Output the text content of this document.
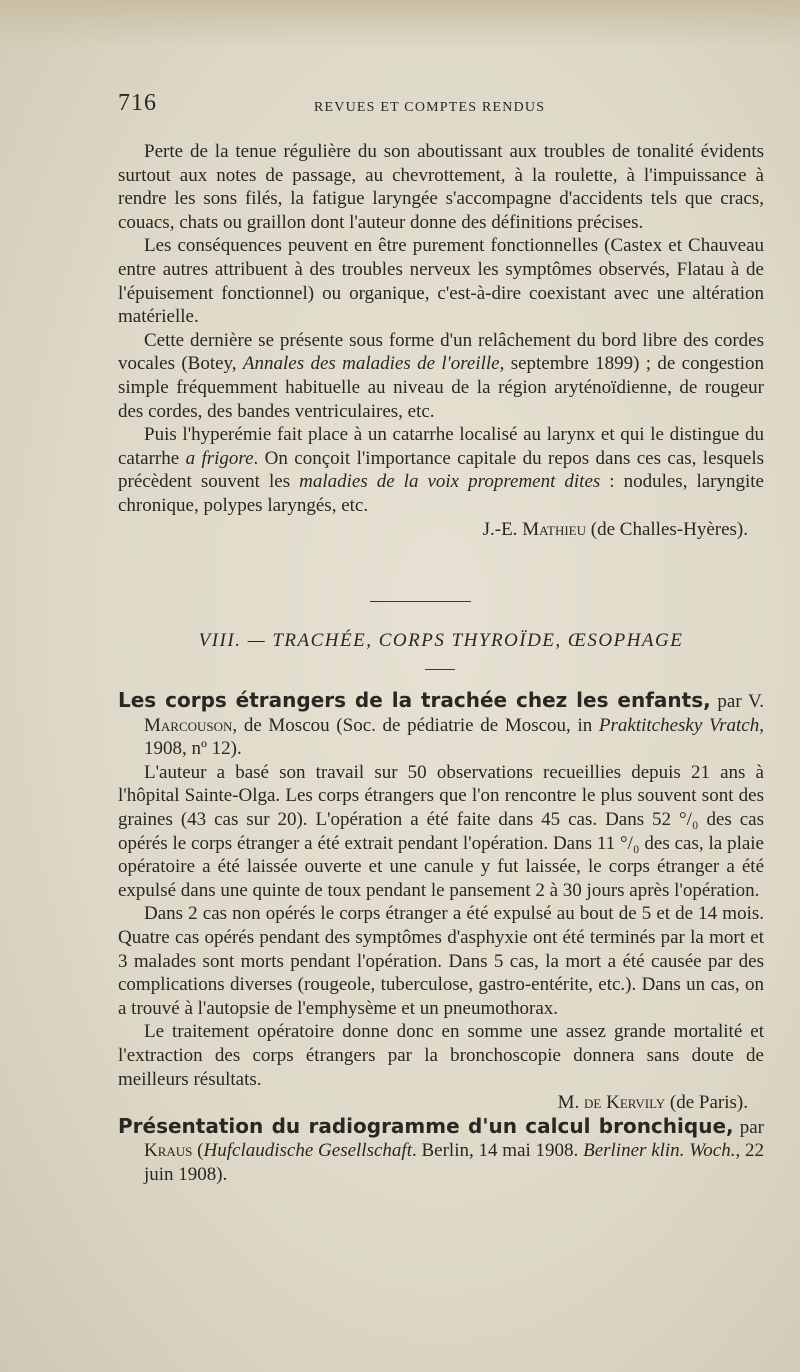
716	REVUES ET COMPTES RENDUS

Perte de la tenue régulière du son aboutissant aux troubles de tonalité évidents surtout aux notes de passage, au chevrottement, à la roulette, à l'impuissance à rendre les sons filés, la fatigue laryngée s'accompagne d'accidents tels que cracs, couacs, chats ou graillon dont l'auteur donne des définitions précises.

Les conséquences peuvent en être purement fonctionnelles (Castex et Chauveau entre autres attribuent à des troubles nerveux les symptômes observés, Flatau à de l'épuisement fonctionnel) ou organique, c'est-à-dire coexistant avec une altération matérielle.

Cette dernière se présente sous forme d'un relâchement du bord libre des cordes vocales (Botey, Annales des maladies de l'oreille, septembre 1899) ; de congestion simple fréquemment habituelle au niveau de la région aryténoïdienne, de rougeur des cordes, des bandes ventriculaires, etc.

Puis l'hyperémie fait place à un catarrhe localisé au larynx et qui le distingue du catarrhe a frigore. On conçoit l'importance capitale du repos dans ces cas, lesquels précèdent souvent les maladies de la voix proprement dites : nodules, laryngite chronique, polypes laryngés, etc.

J.-E. Mathieu (de Challes-Hyères).

VIII. — TRACHÉE, CORPS THYROÏDE, ŒSOPHAGE

Les corps étrangers de la trachée chez les enfants, par V. Marcouson, de Moscou (Soc. de pédiatrie de Moscou, in Praktitchesky Vratch, 1908, nº 12).

L'auteur a basé son travail sur 50 observations recueillies depuis 21 ans à l'hôpital Sainte-Olga. Les corps étrangers que l'on rencontre le plus souvent sont des graines (43 cas sur 20). L'opération a été faite dans 45 cas. Dans 52 °/₀ des cas opérés le corps étranger a été extrait pendant l'opération. Dans 11 °/₀ des cas, la plaie opératoire a été laissée ouverte et une canule y fut laissée, le corps étranger a été expulsé dans une quinte de toux pendant le pansement 2 à 30 jours après l'opération.

Dans 2 cas non opérés le corps étranger a été expulsé au bout de 5 et de 14 mois. Quatre cas opérés pendant des symptômes d'asphyxie ont été terminés par la mort et 3 malades sont morts pendant l'opération. Dans 5 cas, la mort a été causée par des complications diverses (rougeole, tuberculose, gastro-entérite, etc.). Dans un cas, on a trouvé à l'autopsie de l'emphysème et un pneumothorax.

Le traitement opératoire donne donc en somme une assez grande mortalité et l'extraction des corps étrangers par la bronchoscopie donnera sans doute de meilleurs résultats.

M. de Kervily (de Paris).

Présentation du radiogramme d'un calcul bronchique, par Kraus (Hufclaudische Gesellschaft. Berlin, 14 mai 1908. Berliner klin. Woch., 22 juin 1908).
